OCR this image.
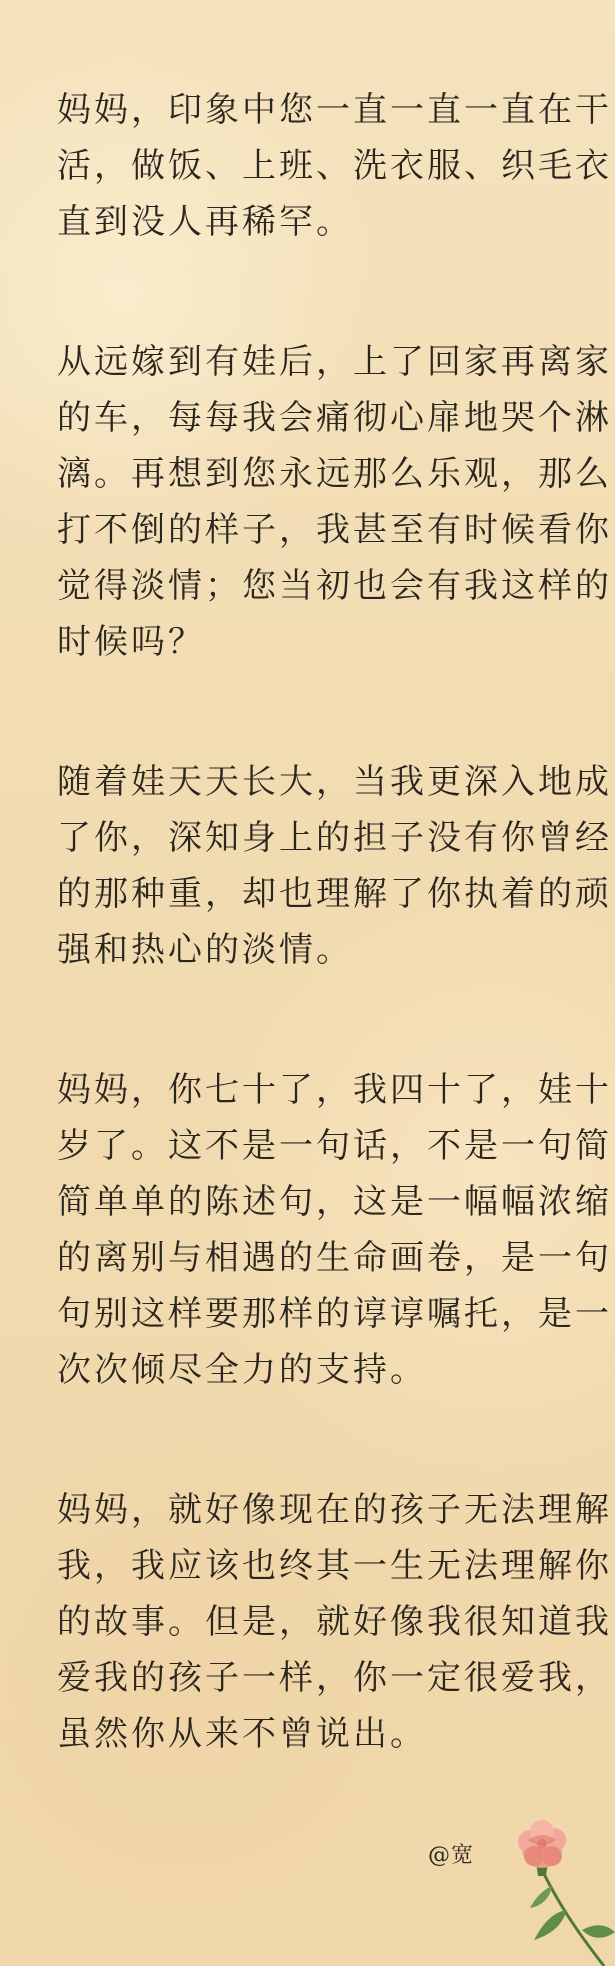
妈妈，印象中您一直一直一直在干
活，做饭、上班、洗衣服、织毛衣
直到没人再稀罕。

从远嫁到有娃后，上了回家再离家
的车，每每我会痛彻心扉地哭个淋
漓。再想到您永远那么乐观，那么
打不倒的样子，我甚至有时候看你
觉得淡情；您当初也会有我这样的
时候吗？

随着娃天天长大，当我更深入地成
了你，深知身上的担子没有你曾经
的那种重，却也理解了你执着的顽
强和热心的淡情。

妈妈，你七十了，我四十了，娃十
岁了。这不是一句话，不是一句简
简单单的陈述句，这是一幅幅浓缩
的离别与相遇的生命画卷，是一句
句别这样要那样的谆谆嘱托，是一
次次倾尽全力的支持。

妈妈，就好像现在的孩子无法理解
我，我应该也终其一生无法理解你
的故事。但是，就好像我很知道我
爱我的孩子一样，你一定很爱我，
虽然你从来不曾说出。

@宽
